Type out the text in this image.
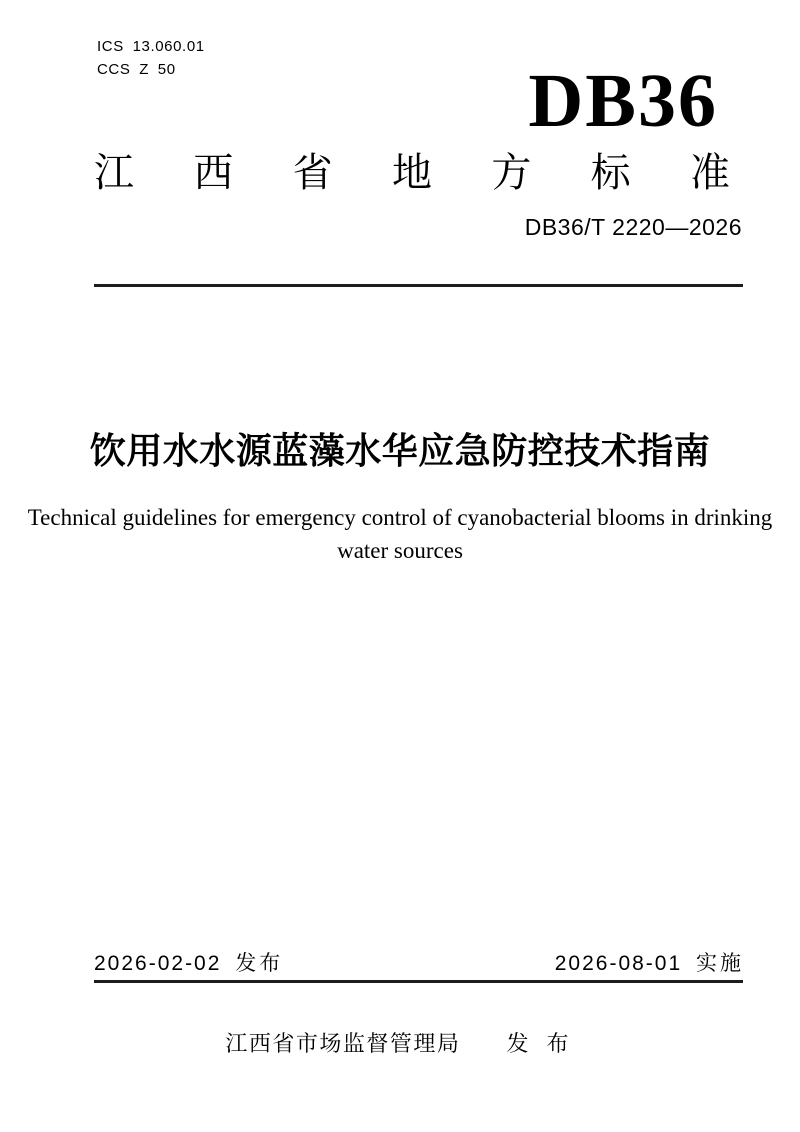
ICS 13.060.01
CCS Z 50	DB36
江西省地方标准
DB36/T 2220—2026
饮用水水源蓝藻水华应急防控技术指南
Technical guidelines for emergency control of cyanobacterial blooms in drinking
water sources
2026-02-02 发布	2026-08-01 实施
江西省市场监督管理局 发 布
